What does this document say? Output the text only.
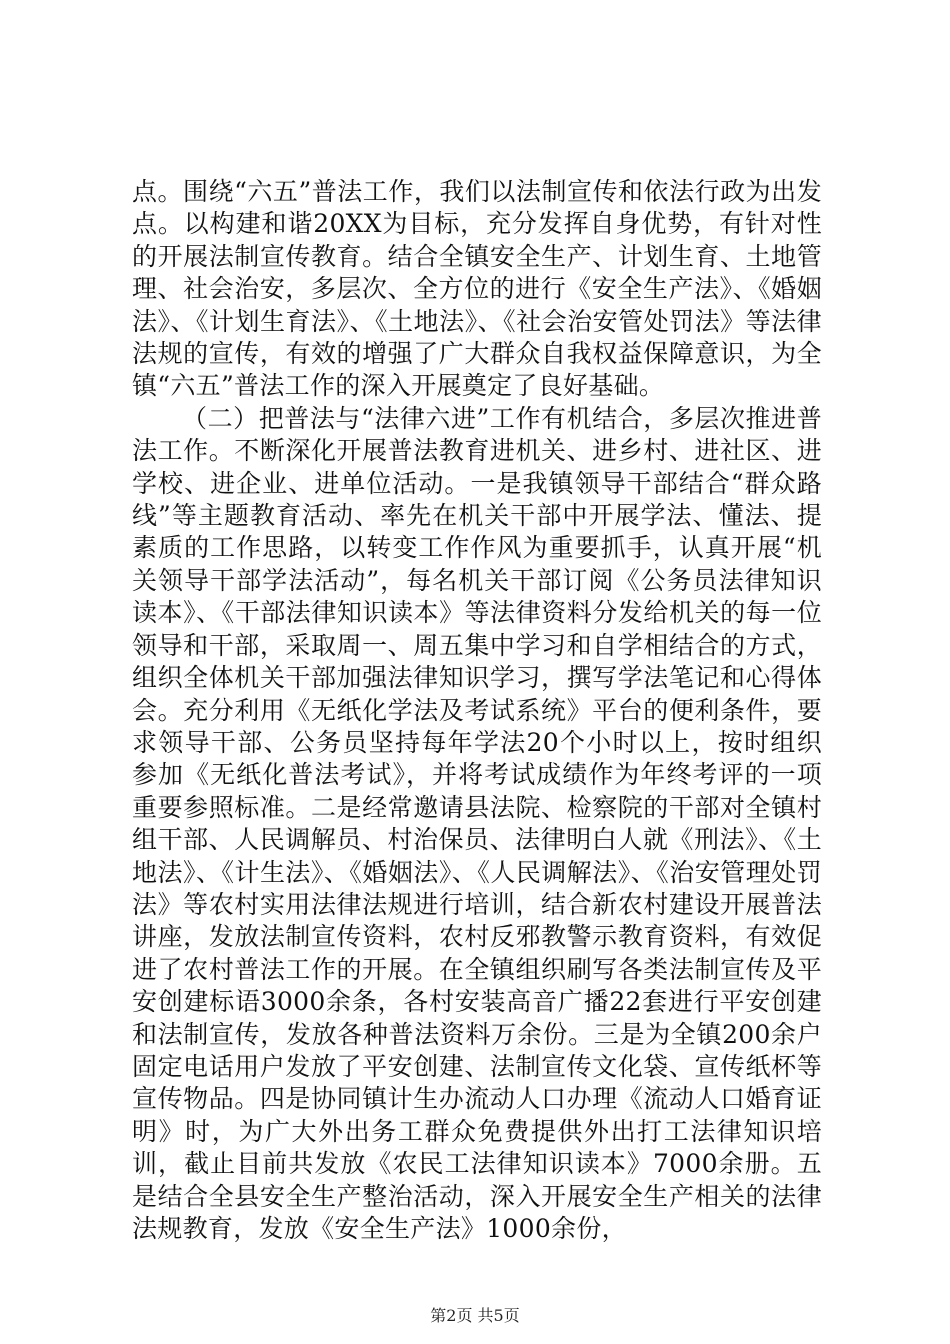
点。围绕“六五”普法工作，我们以法制宣传和依法行政为出发点。以构建和谐20XX为目标，充分发挥自身优势，有针对性的开展法制宣传教育。结合全镇安全生产、计划生育、土地管理、社会治安，多层次、全方位的进行《安全生产法》、《婚姻法》、《计划生育法》、《土地法》、《社会治安管处罚法》等法律法规的宣传，有效的增强了广大群众自我权益保障意识，为全镇“六五”普法工作的深入开展奠定了良好基础。

（二）把普法与“法律六进”工作有机结合，多层次推进普法工作。不断深化开展普法教育进机关、进乡村、进社区、进学校、进企业、进单位活动。一是我镇领导干部结合“群众路线”等主题教育活动、率先在机关干部中开展学法、懂法、提素质的工作思路，以转变工作作风为重要抓手，认真开展“机关领导干部学法活动”，每名机关干部订阅《公务员法律知识读本》、《干部法律知识读本》等法律资料分发给机关的每一位领导和干部，采取周一、周五集中学习和自学相结合的方式，组织全体机关干部加强法律知识学习，撰写学法笔记和心得体会。充分利用《无纸化学法及考试系统》平台的便利条件，要求领导干部、公务员坚持每年学法20个小时以上，按时组织参加《无纸化普法考试》，并将考试成绩作为年终考评的一项重要参照标准。二是经常邀请县法院、检察院的干部对全镇村组干部、人民调解员、村治保员、法律明白人就《刑法》、《土地法》、《计生法》、《婚姻法》、《人民调解法》、《治安管理处罚法》等农村实用法律法规进行培训，结合新农村建设开展普法讲座，发放法制宣传资料，农村反邪教警示教育资料，有效促进了农村普法工作的开展。在全镇组织刷写各类法制宣传及平安创建标语3000余条，各村安装高音广播22套进行平安创建和法制宣传，发放各种普法资料万余份。三是为全镇200余户固定电话用户发放了平安创建、法制宣传文化袋、宣传纸杯等宣传物品。四是协同镇计生办流动人口办理《流动人口婚育证明》时，为广大外出务工群众免费提供外出打工法律知识培训，截止目前共发放《农民工法律知识读本》7000余册。五是结合全县安全生产整治活动，深入开展安全生产相关的法律法规教育，发放《安全生产法》1000余份，

第2页 共5页
